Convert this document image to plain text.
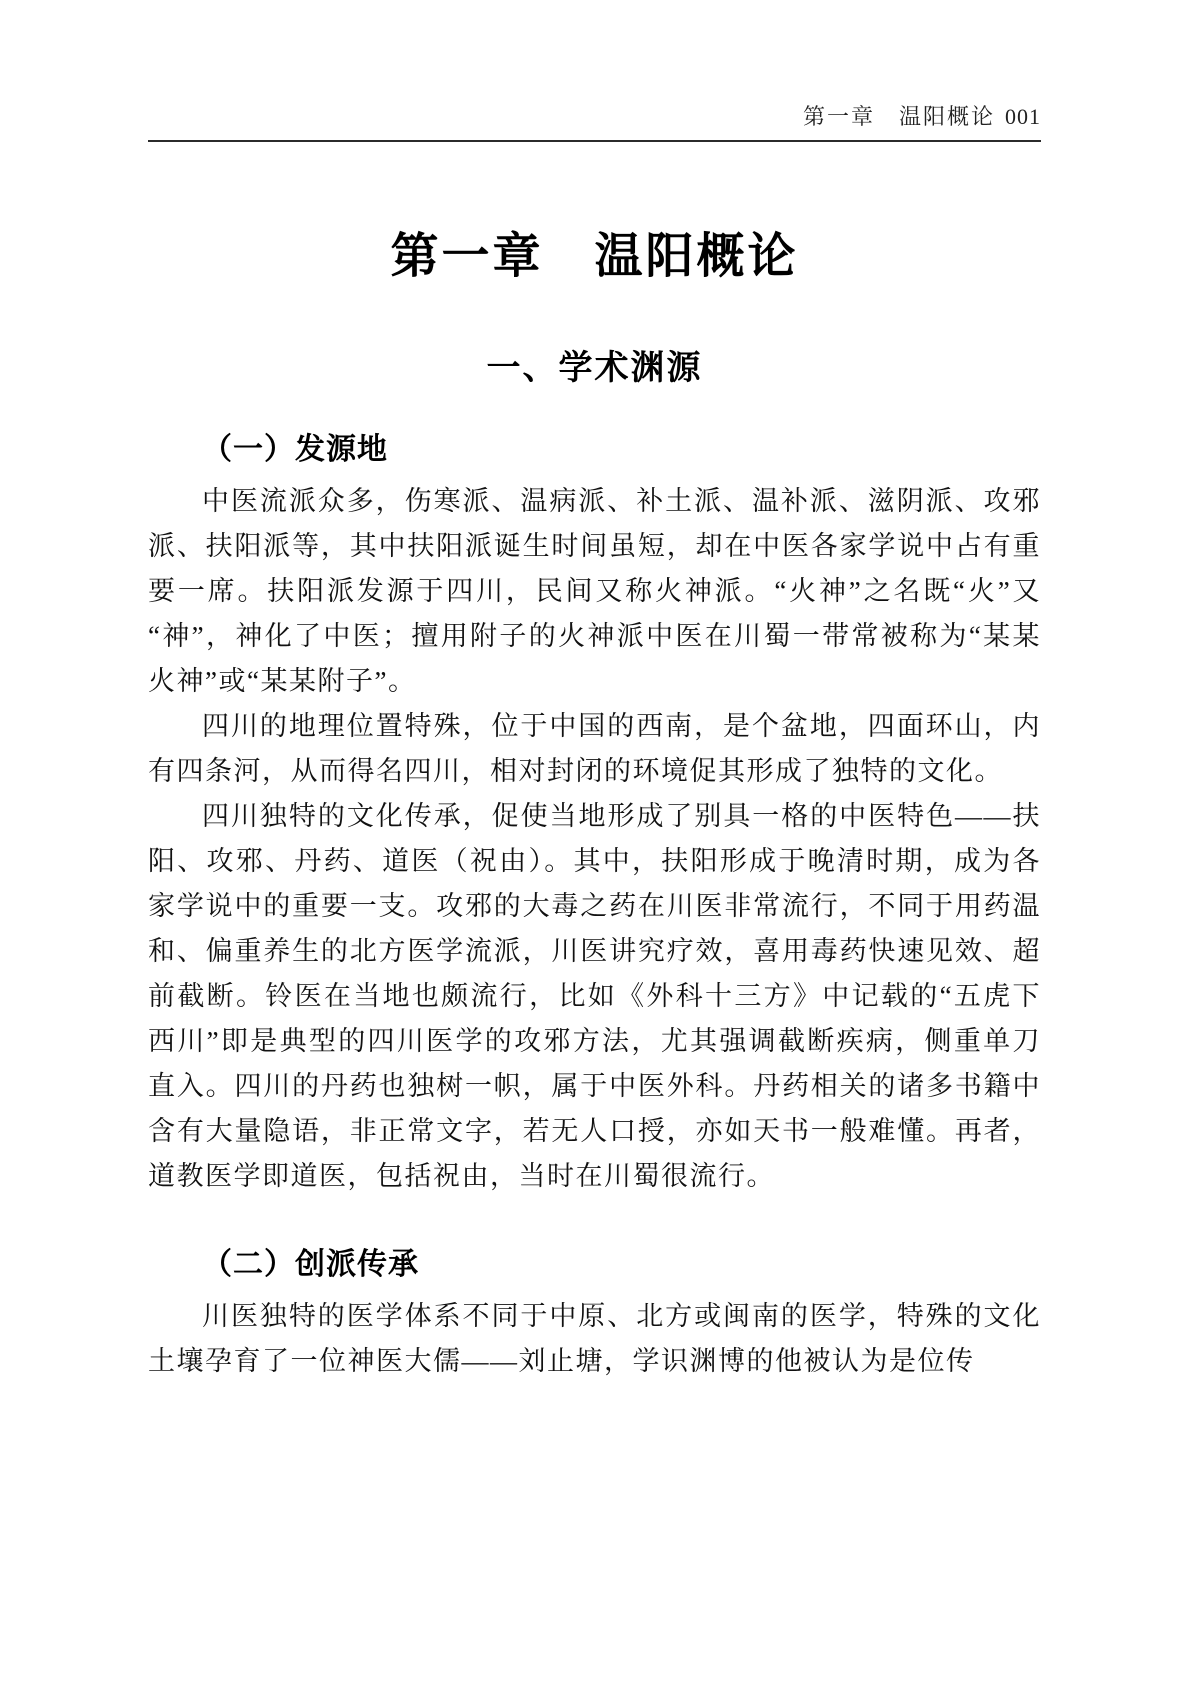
第一章　温阳概论 001
第一章　温阳概论
一、学术渊源
（一）发源地

中医流派众多，伤寒派、温病派、补土派、温补派、滋阴派、攻邪派、扶阳派等，其中扶阳派诞生时间虽短，却在中医各家学说中占有重要一席。扶阳派发源于四川，民间又称火神派。“火神”之名既“火”又“神”，神化了中医；擅用附子的火神派中医在川蜀一带常被称为“某某火神”或“某某附子”。

四川的地理位置特殊，位于中国的西南，是个盆地，四面环山，内有四条河，从而得名四川，相对封闭的环境促其形成了独特的文化。

四川独特的文化传承，促使当地形成了别具一格的中医特色——扶阳、攻邪、丹药、道医（祝由）。其中，扶阳形成于晚清时期，成为各家学说中的重要一支。攻邪的大毒之药在川医非常流行，不同于用药温和、偏重养生的北方医学流派，川医讲究疗效，喜用毒药快速见效、超前截断。铃医在当地也颇流行，比如《外科十三方》中记载的“五虎下西川”即是典型的四川医学的攻邪方法，尤其强调截断疾病，侧重单刀直入。四川的丹药也独树一帜，属于中医外科。丹药相关的诸多书籍中含有大量隐语，非正常文字，若无人口授，亦如天书一般难懂。再者，道教医学即道医，包括祝由，当时在川蜀很流行。

（二）创派传承

川医独特的医学体系不同于中原、北方或闽南的医学，特殊的文化土壤孕育了一位神医大儒——刘止塘，学识渊博的他被认为是位传
